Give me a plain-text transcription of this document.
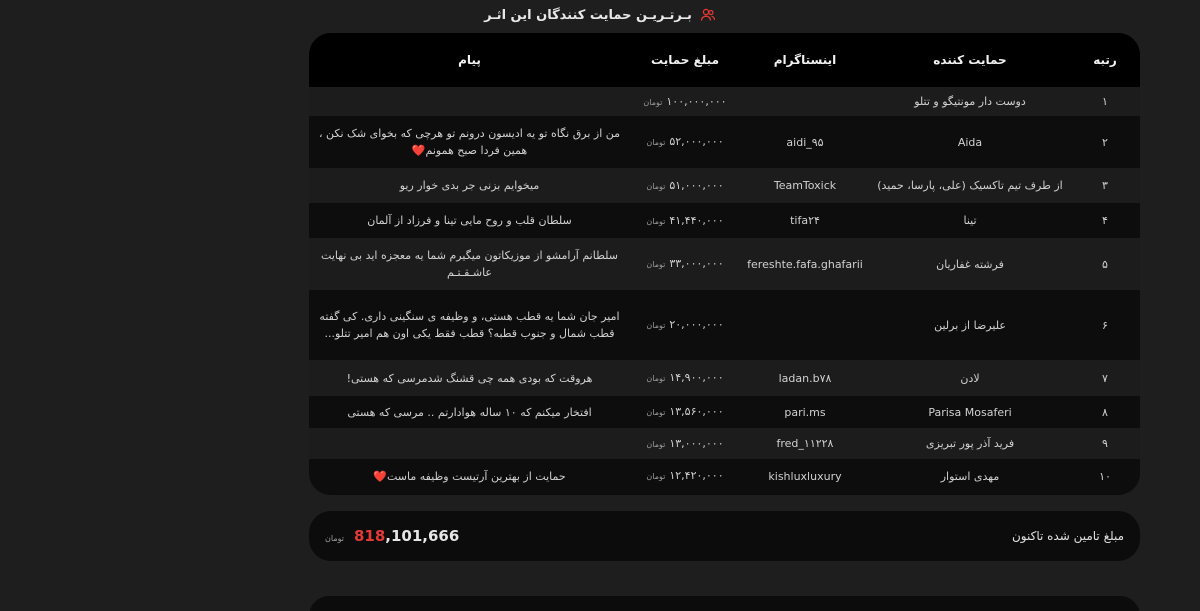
بـرتـریـن حمایت کنندگان این اثـر
رتبه	حمایت کننده	اینستاگرام	مبلغ حمایت	پیام
۱	دوست دار مونتیگو و تتلو		۱۰۰,۰۰۰,۰۰۰تومان	
۲	Aida	aidi_۹۵	۵۲,۰۰۰,۰۰۰تومان	من از برق نگاه تو یه ادیسون درونم تو هرچی که بخوای شک نکن ، همین فردا صبح همونم❤️
۳	از طرف تیم تاکسیک (علی، پارسا، حمید)	TeamToxick	۵۱,۰۰۰,۰۰۰تومان	میخوایم بزنی جر بدی خوار ریو
۴	تینا	tifa۲۴	۴۱,۴۴۰,۰۰۰تومان	سلطان قلب و روح مایی تینا و فرزاد از آلمان
۵	فرشته غفاریان	fereshte.fafa.ghafarii	۳۳,۰۰۰,۰۰۰تومان	سلطانم آرامشو از موزیکاتون میگیرم شما یه معجزه اید بی نهایت عاشـقـتـم
۶	علیرضا از برلین		۲۰,۰۰۰,۰۰۰تومان	امیر جان شما یه قطب هستی، و وظیفه ی سنگینی داری. کی گفته قطب شمال و جنوب قطبه؟ قطب فقط یکی اون هم امیر تتلو...
۷	لادن	ladan.b۷۸	۱۴,۹۰۰,۰۰۰تومان	هروقت که بودی همه چی قشنگ شدمرسی که هستی!
۸	Parisa Mosaferi	pari.ms	۱۳,۵۶۰,۰۰۰تومان	افتخار میکنم که ۱۰ ساله هوادارتم .. مرسی که هستی
۹	فرید آذر پور تبریزی	fred_۱۱۲۲۸	۱۳,۰۰۰,۰۰۰تومان	
۱۰	مهدی استوار	kishluxluxury	۱۲,۴۲۰,۰۰۰تومان	حمایت از بهترین آرتیست وظیفه ماست❤️
مبلغ تامین شده تاکنون
تومان 818 ,101,666
